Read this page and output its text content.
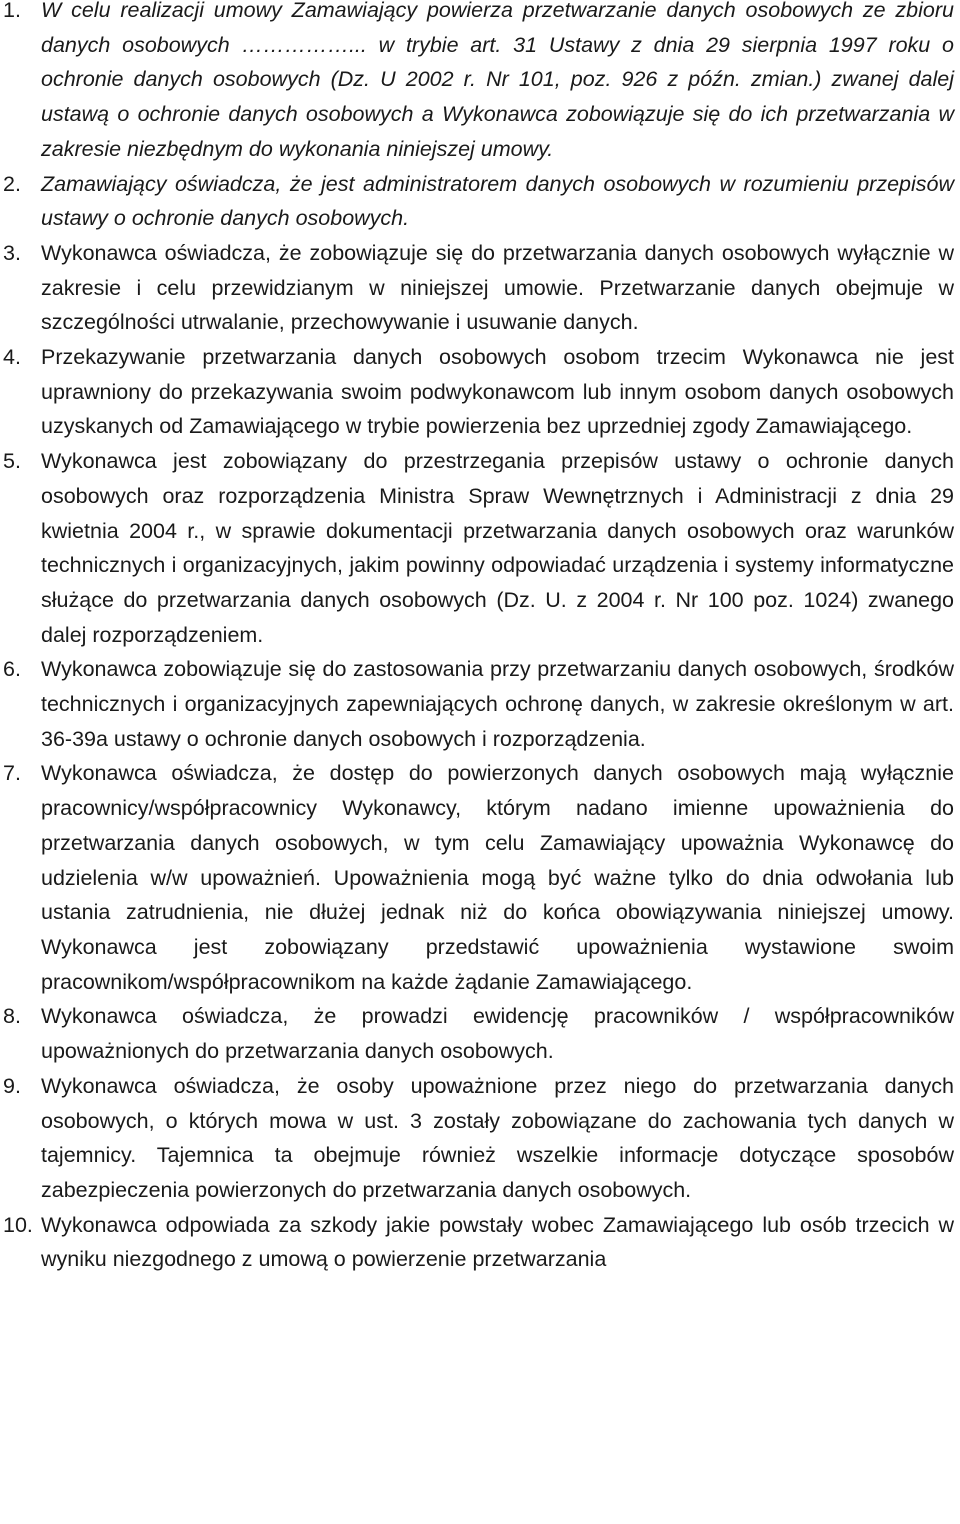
1. W celu realizacji umowy Zamawiający powierza przetwarzanie danych osobowych ze zbioru danych osobowych ……………... w trybie art. 31 Ustawy z dnia 29 sierpnia 1997 roku o ochronie danych osobowych (Dz. U 2002 r. Nr 101, poz. 926 z późn. zmian.) zwanej dalej ustawą o ochronie danych osobowych a Wykonawca zobowiązuje się do ich przetwarzania w zakresie niezbędnym do wykonania niniejszej umowy.
2. Zamawiający oświadcza, że jest administratorem danych osobowych w rozumieniu przepisów ustawy o ochronie danych osobowych.
3. Wykonawca oświadcza, że zobowiązuje się do przetwarzania danych osobowych wyłącznie w zakresie i celu przewidzianym w niniejszej umowie. Przetwarzanie danych obejmuje w szczególności utrwalanie, przechowywanie i usuwanie danych.
4. Przekazywanie przetwarzania danych osobowych osobom trzecim Wykonawca nie jest uprawniony do przekazywania swoim podwykonawcom lub innym osobom danych osobowych uzyskanych od Zamawiającego w trybie powierzenia bez uprzedniej zgody Zamawiającego.
5. Wykonawca jest zobowiązany do przestrzegania przepisów ustawy o ochronie danych osobowych oraz rozporządzenia Ministra Spraw Wewnętrznych i Administracji z dnia 29 kwietnia 2004 r., w sprawie dokumentacji przetwarzania danych osobowych oraz warunków technicznych i organizacyjnych, jakim powinny odpowiadać urządzenia i systemy informatyczne służące do przetwarzania danych osobowych (Dz. U. z 2004 r. Nr 100 poz. 1024) zwanego dalej rozporządzeniem.
6. Wykonawca zobowiązuje się do zastosowania przy przetwarzaniu danych osobowych, środków technicznych i organizacyjnych zapewniających ochronę danych, w zakresie określonym w art. 36-39a ustawy o ochronie danych osobowych i rozporządzenia.
7. Wykonawca oświadcza, że dostęp do powierzonych danych osobowych mają wyłącznie pracownicy/współpracownicy Wykonawcy, którym nadano imienne upoważnienia do przetwarzania danych osobowych, w tym celu Zamawiający upoważnia Wykonawcę do udzielenia w/w upoważnień. Upoważnienia mogą być ważne tylko do dnia odwołania lub ustania zatrudnienia, nie dłużej jednak niż do końca obowiązywania niniejszej umowy. Wykonawca jest zobowiązany przedstawić upoważnienia wystawione swoim pracownikom/współpracownikom na każde żądanie Zamawiającego.
8. Wykonawca oświadcza, że prowadzi ewidencję pracowników / współpracowników upoważnionych do przetwarzania danych osobowych.
9. Wykonawca oświadcza, że osoby upoważnione przez niego do przetwarzania danych osobowych, o których mowa w ust. 3 zostały zobowiązane do zachowania tych danych w tajemnicy. Tajemnica ta obejmuje również wszelkie informacje dotyczące sposobów zabezpieczenia powierzonych do przetwarzania danych osobowych.
10. Wykonawca odpowiada za szkody jakie powstały wobec Zamawiającego lub osób trzecich w wyniku niezgodnego z umową o powierzenie przetwarzania
